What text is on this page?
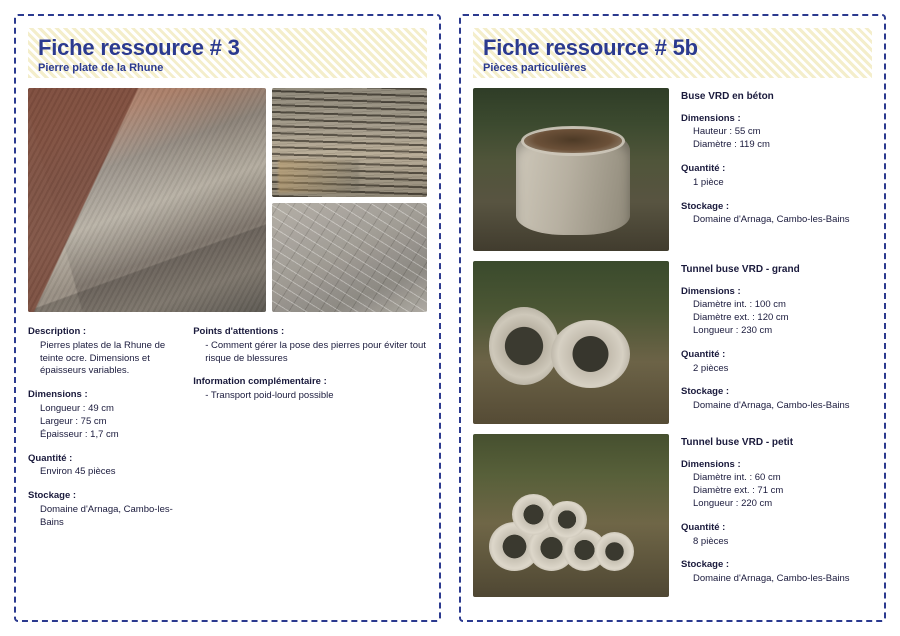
Fiche ressource # 3
Pierre plate de la Rhune
Description :
Pierres plates de la Rhune de teinte ocre. Dimensions et épaisseurs variables.
Dimensions :
Longueur : 49 cm
Largeur : 75 cm
Épaisseur : 1,7 cm
Quantité :
Environ 45 pièces
Stockage :
Domaine d'Arnaga, Cambo-les-Bains
Points d'attentions :
- Comment gérer la pose des pierres pour éviter tout risque de blessures
Information complémentaire :
- Transport poid-lourd possible
Fiche ressource # 5b
Pièces particulières
Buse VRD en béton
Dimensions :
Hauteur : 55 cm
Diamètre : 119 cm
Quantité :
1 pièce
Stockage :
Domaine d'Arnaga, Cambo-les-Bains
Tunnel buse VRD - grand
Dimensions :
Diamètre int. : 100 cm
Diamètre ext. : 120 cm
Longueur : 230 cm
Quantité :
2 pièces
Stockage :
Domaine d'Arnaga, Cambo-les-Bains
Tunnel buse VRD - petit
Dimensions :
Diamètre int. : 60 cm
Diamètre ext. : 71 cm
Longueur : 220 cm
Quantité :
8 pièces
Stockage :
Domaine d'Arnaga, Cambo-les-Bains
